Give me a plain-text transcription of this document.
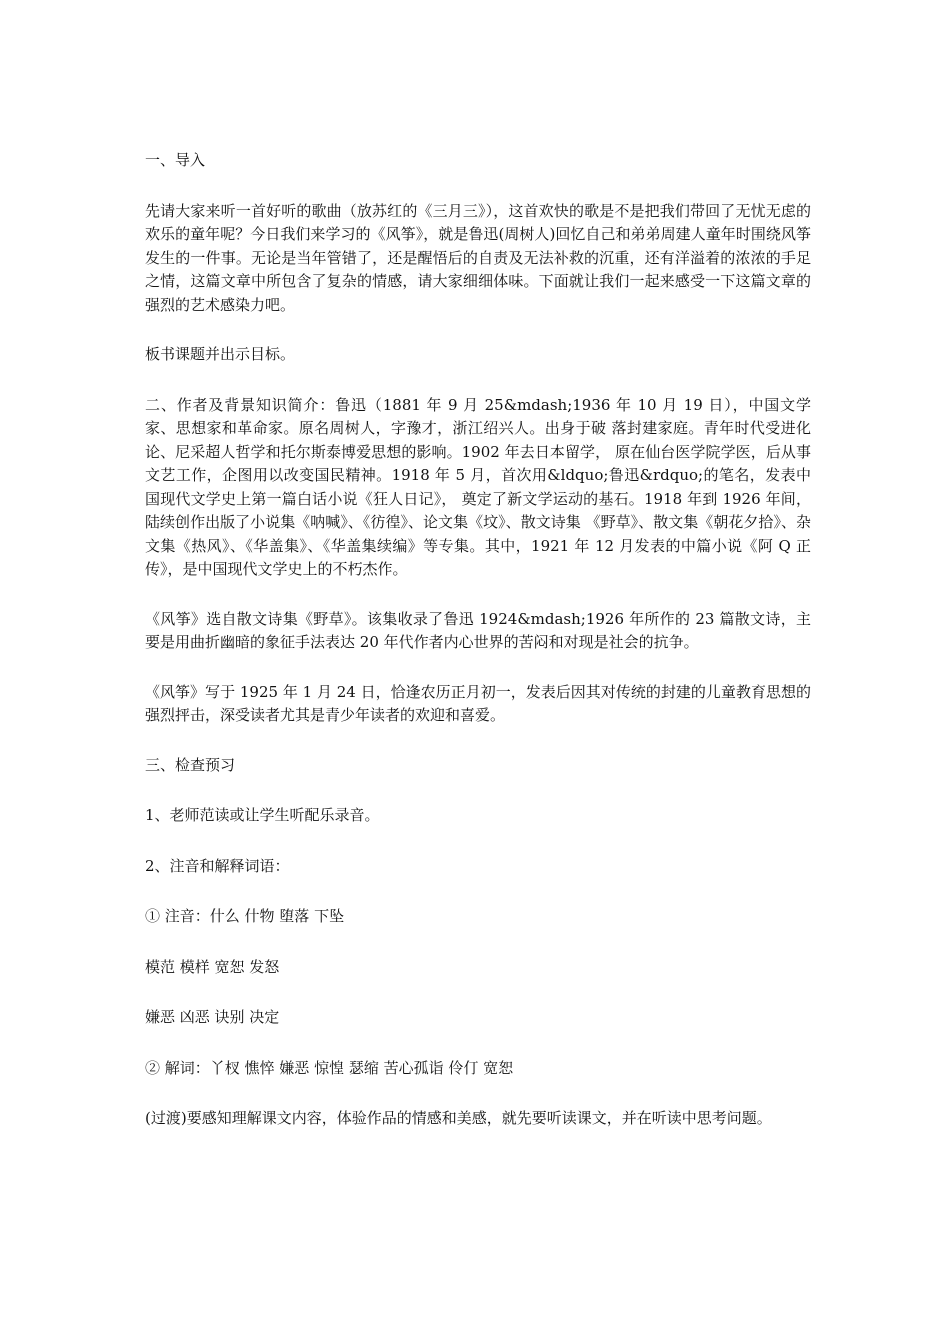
一、导入

先请大家来听一首好听的歌曲（放苏红的《三月三》），这首欢快的歌是不是把我们带回了无忧无虑的欢乐的童年呢？今日我们来学习的《风筝》，就是鲁迅(周树人)回忆自己和弟弟周建人童年时围绕风筝发生的一件事。无论是当年管错了，还是醒悟后的自责及无法补救的沉重，还有洋溢着的浓浓的手足之情，这篇文章中所包含了复杂的情感，请大家细细体味。下面就让我们一起来感受一下这篇文章的强烈的艺术感染力吧。

板书课题并出示目标。

二、作者及背景知识简介：鲁迅（1881 年 9 月 25&mdash;1936 年 10 月 19 日），中国文学家、思想家和革命家。原名周树人，字豫才，浙江绍兴人。出身于破 落封建家庭。青年时代受进化论、尼采超人哲学和托尔斯泰博爱思想的影响。1902 年去日本留学， 原在仙台医学院学医，后从事文艺工作，企图用以改变国民精神。1918 年 5 月，首次用&ldquo;鲁迅&rdquo;的笔名，发表中国现代文学史上第一篇白话小说《狂人日记》， 奠定了新文学运动的基石。1918 年到 1926 年间，陆续创作出版了小说集《呐喊》、《彷徨》、论文集《坟》、散文诗集 《野草》、散文集《朝花夕拾》、杂文集《热风》、《华盖集》、《华盖集续编》等专集。其中，1921 年 12 月发表的中篇小说《阿 Q 正传》，是中国现代文学史上的不朽杰作。

《风筝》选自散文诗集《野草》。该集收录了鲁迅 1924&mdash;1926 年所作的 23 篇散文诗，主要是用曲折幽暗的象征手法表达 20 年代作者内心世界的苦闷和对现是社会的抗争。

《风筝》写于 1925 年 1 月 24 日，恰逢农历正月初一，发表后因其对传统的封建的儿童教育思想的强烈抨击，深受读者尤其是青少年读者的欢迎和喜爱。

三、检查预习

1、老师范读或让学生听配乐录音。

2、注音和解释词语：

① 注音：什么 什物 堕落 下坠

模范 模样 宽恕 发怒

嫌恶 凶恶 诀别 决定

② 解词：丫杈 憔悴 嫌恶 惊惶 瑟缩 苦心孤诣 伶仃 宽恕

(过渡)要感知理解课文内容，体验作品的情感和美感，就先要听读课文，并在听读中思考问题。
